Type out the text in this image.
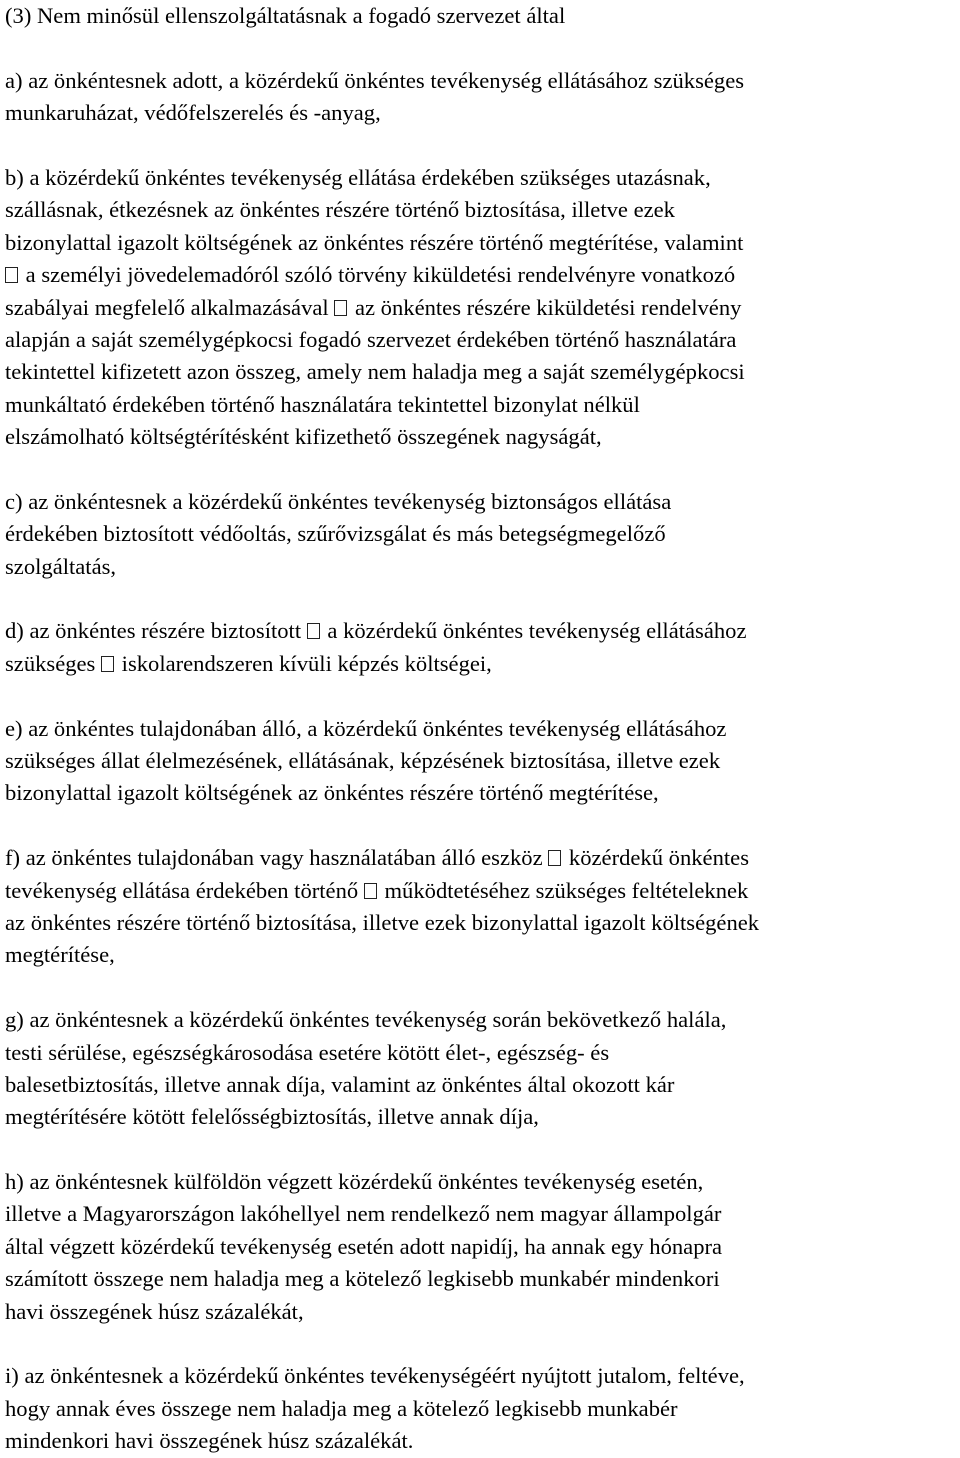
(3) Nem minősül ellenszolgáltatásnak a fogadó szervezet által
a) az önkéntesnek adott, a közérdekű önkéntes tevékenység ellátásához szükséges
munkaruházat, védőfelszerelés és -anyag,
b) a közérdekű önkéntes tevékenység ellátása érdekében szükséges utazásnak,
szállásnak, étkezésnek az önkéntes részére történő biztosítása, illetve ezek
bizonylattal igazolt költségének az önkéntes részére történő megtérítése, valamint
a személyi jövedelemadóról szóló törvény kiküldetési rendelvényre vonatkozó
szabályai megfelelő alkalmazásával  az önkéntes részére kiküldetési rendelvény
alapján a saját személygépkocsi fogadó szervezet érdekében történő használatára
tekintettel kifizetett azon összeg, amely nem haladja meg a saját személygépkocsi
munkáltató érdekében történő használatára tekintettel bizonylat nélkül
elszámolható költségtérítésként kifizethető összegének nagyságát,
c) az önkéntesnek a közérdekű önkéntes tevékenység biztonságos ellátása
érdekében biztosított védőoltás, szűrővizsgálat és más betegségmegelőző
szolgáltatás,
d) az önkéntes részére biztosított  a közérdekű önkéntes tevékenység ellátásához
szükséges  iskolarendszeren kívüli képzés költségei,
e) az önkéntes tulajdonában álló, a közérdekű önkéntes tevékenység ellátásához
szükséges állat élelmezésének, ellátásának, képzésének biztosítása, illetve ezek
bizonylattal igazolt költségének az önkéntes részére történő megtérítése,
f) az önkéntes tulajdonában vagy használatában álló eszköz  közérdekű önkéntes
tevékenység ellátása érdekében történő  működtetéséhez szükséges feltételeknek
az önkéntes részére történő biztosítása, illetve ezek bizonylattal igazolt költségének
megtérítése,
g) az önkéntesnek a közérdekű önkéntes tevékenység során bekövetkező halála,
testi sérülése, egészségkárosodása esetére kötött élet-, egészség- és
balesetbiztosítás, illetve annak díja, valamint az önkéntes által okozott kár
megtérítésére kötött felelősségbiztosítás, illetve annak díja,
h) az önkéntesnek külföldön végzett közérdekű önkéntes tevékenység esetén,
illetve a Magyarországon lakóhellyel nem rendelkező nem magyar állampolgár
által végzett közérdekű tevékenység esetén adott napidíj, ha annak egy hónapra
számított összege nem haladja meg a kötelező legkisebb munkabér mindenkori
havi összegének húsz százalékát,
i) az önkéntesnek a közérdekű önkéntes tevékenységéért nyújtott jutalom, feltéve,
hogy annak éves összege nem haladja meg a kötelező legkisebb munkabér
mindenkori havi összegének húsz százalékát.
